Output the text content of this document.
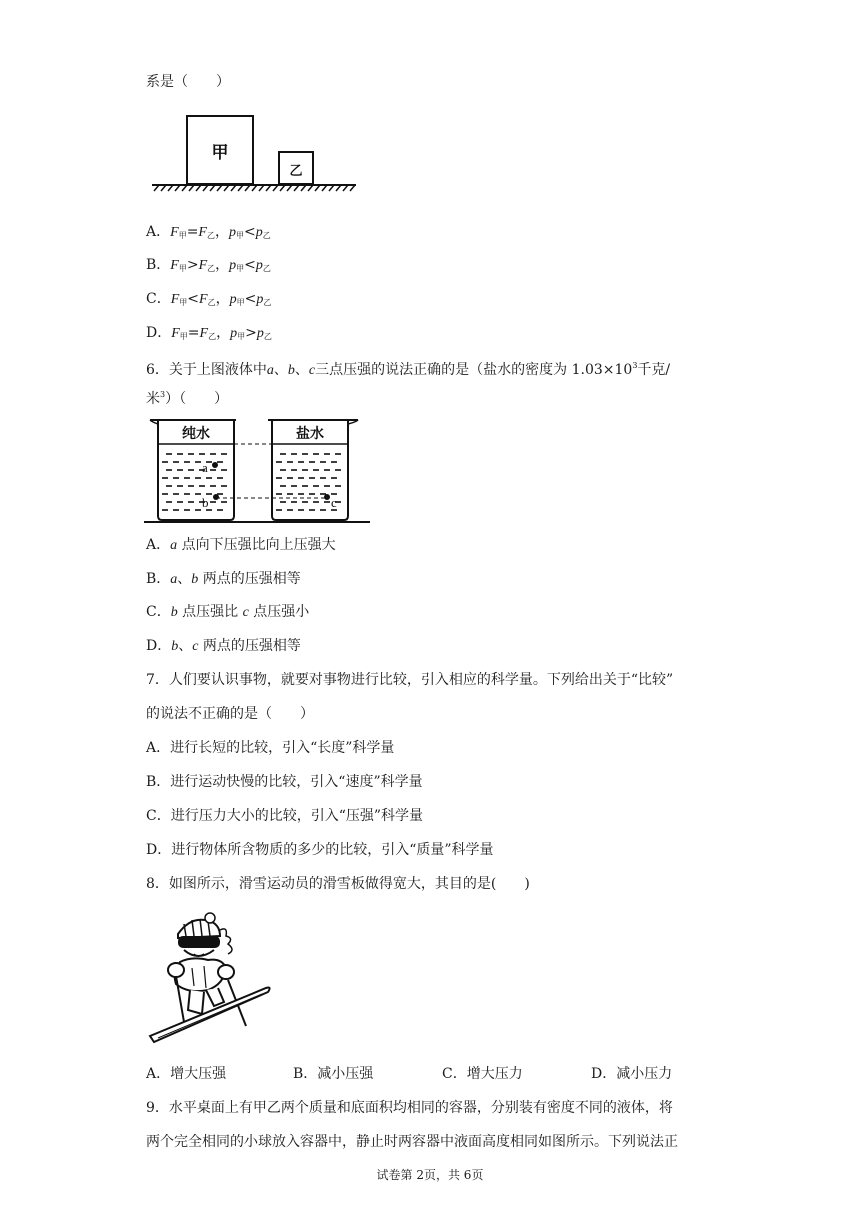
系是（　　）
甲
乙
A．$F_甲=F_乙$，$p_甲<p_乙$
B．$F_甲>F_乙$，$p_甲<p_乙$
C．$F_甲<F_乙$，$p_甲<p_乙$
D．$F_甲=F_乙$，$p_甲>p_乙$
6．关于上图液体中a、b、c三点压强的说法正确的是（盐水的密度为 $1.03\times 10^3$千克/
米$^3$）（　　）
纯水	盐水
a
b	c
A．a 点向下压强比向上压强大
B．a、b 两点的压强相等
C．b 点压强比 c 点压强小
D．b、c 两点的压强相等
7．人们要认识事物，就要对事物进行比较，引入相应的科学量。下列给出关于“比较”
的说法不正确的是（　　）
A．进行长短的比较，引入“长度”科学量
B．进行运动快慢的比较，引入“速度”科学量
C．进行压力大小的比较，引入“压强”科学量
D．进行物体所含物质的多少的比较，引入“质量”科学量
8．如图所示，滑雪运动员的滑雪板做得宽大，其目的是(　　)
A．增大压强	B．减小压强	C．增大压力	D．减小压力
9．水平桌面上有甲乙两个质量和底面积均相同的容器，分别装有密度不同的液体，将
两个完全相同的小球放入容器中，静止时两容器中液面高度相同如图所示。下列说法正
试卷第 2页，共 6页
